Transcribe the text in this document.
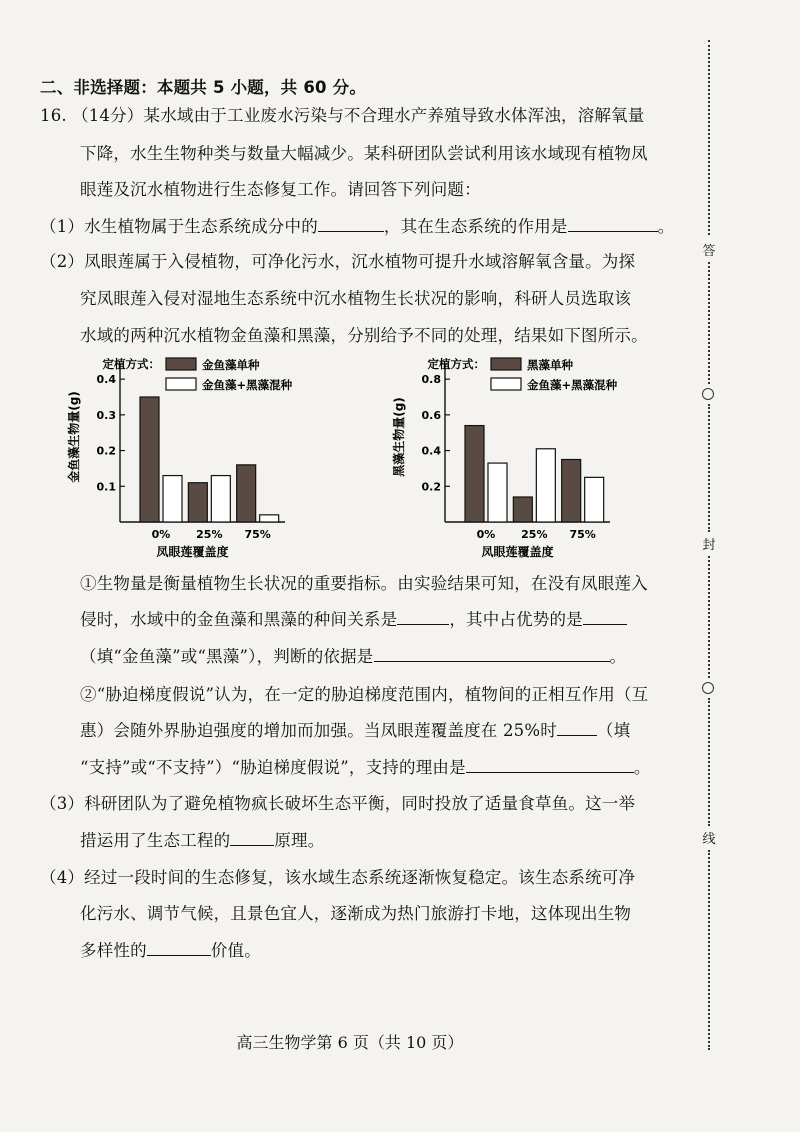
二、非选择题：本题共 5 小题，共 60 分。
16. （14分）某水域由于工业废水污染与不合理水产养殖导致水体浑浊，溶解氧量
下降，水生生物种类与数量大幅减少。某科研团队尝试利用该水域现有植物凤
眼莲及沉水植物进行生态修复工作。请回答下列问题：
（1）水生植物属于生态系统成分中的	，其在生态系统的作用是	。
（2）凤眼莲属于入侵植物，可净化污水，沉水植物可提升水域溶解氧含量。为探
究凤眼莲入侵对湿地生态系统中沉水植物生长状况的影响，科研人员选取该
水域的两种沉水植物金鱼藻和黑藻，分别给予不同的处理，结果如下图所示。
0.1
0.2
0.3
0.4
金鱼藻生物量(g)
0% 25% 75%
凤眼莲覆盖度
定植方式：	金鱼藻单种
金鱼藻+黑藻混种
0.2
0.4
0.6
0.8
黑藻生物量(g)
0% 25% 75%
凤眼莲覆盖度
定植方式：	黑藻单种
金鱼藻+黑藻混种
①生物量是衡量植物生长状况的重要指标。由实验结果可知，在没有凤眼莲入
侵时，水域中的金鱼藻和黑藻的种间关系是	，其中占优势的是
（填“金鱼藻”或“黑藻”），判断的依据是	。
②“胁迫梯度假说”认为，在一定的胁迫梯度范围内，植物间的正相互作用（互
惠）会随外界胁迫强度的增加而加强。当凤眼莲覆盖度在 25%时 （填
“支持”或“不支持”）“胁迫梯度假说”，支持的理由是	。
（3）科研团队为了避免植物疯长破坏生态平衡，同时投放了适量食草鱼。这一举
措运用了生态工程的	原理。
（4）经过一段时间的生态修复，该水域生态系统逐渐恢复稳定。该生态系统可净
化污水、调节气候，且景色宜人，逐渐成为热门旅游打卡地，这体现出生物
多样性的	价值。
高三生物学第 6 页（共 10 页）
答
封
线
